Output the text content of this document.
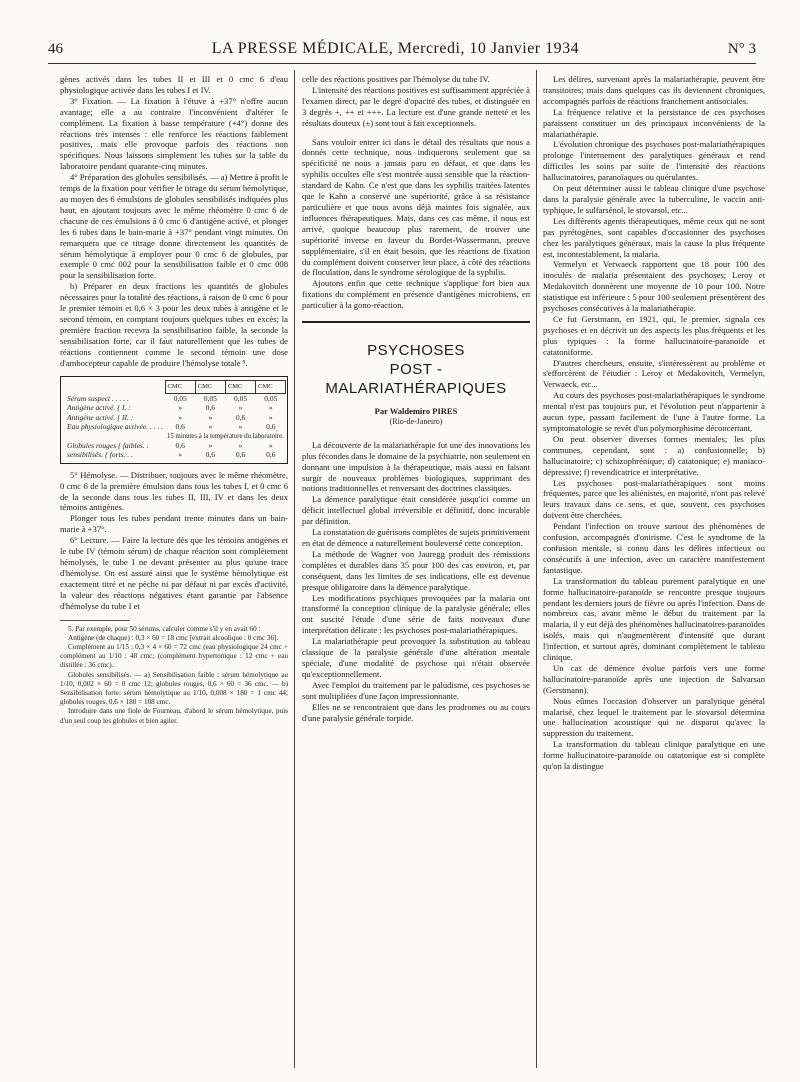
46	LA PRESSE MÉDICALE, Mercredi, 10 Janvier 1934	N° 3

gènes activés dans les tubes II et III et 0 cmc 6 d'eau physiologique activée dans les tubes I et IV.

3° Fixation. — La fixation à l'étuve à +37° n'offre aucun avantage; elle a au contraire l'inconvénient d'altérer le complément. La fixation à basse température (+4°) donne des réactions très intenses : elle renforce les réactions faiblement positives, mais elle provoque parfois des réactions non spécifiques. Nous laissons simplement les tubes sur la table du laboratoire pendant quarante-cinq minutes.

4° Préparation des globules sensibilisés. — a) Mettre à profit le temps de la fixation pour vérifier le titrage du sérum hémolytique, au moyen des 6 émulsions de globules sensibilisés indiquées plus haut, en ajoutant toujours avec le même rhéomètre 0 cmc 6 de chacune de ces émulsions à 0 cmc 6 d'antigène activé, et plonger les 6 tubes dans le bain-marie à +37° pendant vingt minutes. On remarquera que ce titrage donne directement les quantités de sérum hémolytique à employer pour 0 cmc 6 de globules, par exemple 0 cmc 002 pour la sensibilisation faible et 0 cmc 008 pour la sensibilisation forte.

b) Préparer en deux fractions les quantités de globules nécessaires pour la totalité des réactions, à raison de 0 cmc 6 pour le premier témoin et 0,6 × 3 pour les deux tubes à antigène et le second témoin, en comptant toujours quelques tubes en excès; la première fraction recevra la sensibilisation faible, la seconde la sensibilisation forte, car il faut naturellement que les tubes de réactions contiennent comme le second témoin une dose d'ambocepteur capable de produire l'hémolyse totale ⁵.

	CMC	CMC	CMC	CMC
Sérum suspect . . . . .	0,05	0,05	0,05	0,05
Antigène activé. { I. :	»	0,6	»	»
Antigène activé. { II. :	»	»	0,6	»
Eau physiologique activée. . . . .	0,6	»	»	0,6
	15 minutes à la température du laboratoire.			
Globules rouges { faibles. .	0,6	»	»	»
sensibilisés. { forts. . .	»	0,6	0,6	0,6

5° Hémolyse. — Distribuer, toujours avec le même rhéomètre, 0 cmc 6 de la première émulsion dans tous les tubes I, et 0 cmc 6 de la seconde dans tous les tubes II, III, IV et dans les deux témoins antigènes.

Plonger tous les tubes pendant trente minutes dans un bain-marie à +37°.

6° Lecture. — Faire la lecture dès que les témoins antigènes et le tube IV (témoin sérum) de chaque réaction sont complètement hémolysés, le tube I ne devant présenter au plus qu'une trace d'hémolyse. On est assuré ainsi que le système hémolytique est exactement titré et ne pèche ni par défaut ni par excès d'activité, la valeur des réactions négatives étant garantie par l'absence d'hémolyse du tube I et

5. Par exemple, pour 50 sérums, calculer comme s'il y en avait 60 :

Antigène (de chaque) : 0,3 × 60 = 18 cmc [extrait alcoolique : 0 cmc 36].

Complément au 1/15 : 0,3 × 4 × 60 = 72 cmc (eau physiologique 24 cmc + complément au 1/10 : 48 cmc; (complément hypertonique : 12 cmc + eau distillée : 36 cmc).

Globules sensibilisés. — a) Sensibilisation faible : sérum hémolytique au 1/10, 0,002 × 60 = 0 cmc 12; globules rouges, 0,6 × 60 = 36 cmc. — b) Sensibilisation forte: sérum hémolytique au 1/10, 0,008 × 180 = 1 cmc 44; globules rouges, 0,6 × 180 = 108 cmc.

Introduire dans une fiole de Fourneau, d'abord le sérum hémolytique, puis d'un seul coup les globules et bien agiter.

celle des réactions positives par l'hémolyse du tube IV.

L'intensité des réactions positives est suffisamment appréciée à l'examen direct, par le degré d'opacité des tubes, et distinguée en 3 degrés +, ++ et +++. La lecture est d'une grande netteté et les résultats douteux (±) sont tout à fait exceptionnels.

Sans vouloir entrer ici dans le détail des résultats que nous a donnés cette technique, nous indiquerons seulement que sa spécificité ne nous a jamais paru en défaut, et que dans les syphilis occultes elle s'est montrée aussi sensible que la réaction-standard de Kahn. Ce n'est que dans les syphilis traitées latentes que le Kahn a conservé une supériorité, grâce à sa résistance particulière et que nous avons déjà maintes fois signalée, aux influences thérapeutiques. Mais, dans ces cas même, il nous est arrivé, quoique beaucoup plus rarement, de trouver une supériorité inverse en faveur du Bordet-Wassermann, preuve supplémentaire, s'il en était besoin, que les réactions de fixation du complément doivent conserver leur place, à côté des réactions de floculation, dans le syndrome sérologique de la syphilis.

Ajoutons enfin que cette technique s'applique fort bien aux fixations du complément en présence d'antigènes microbiens, en particulier à la gono-réaction.

PSYCHOSES
POST - MALARIATHÉRAPIQUES
Par Waldemiro PIRES
(Rio-de-Janeiro)

La découverte de la malariathérapie fut une des innovations les plus fécondes dans le domaine de la psychiatrie, non seulement en donnant une impulsion à la thérapeutique, mais aussi en faisant surgir de nouveaux problèmes biologiques, supprimant des notions traditionnelles et renversant des doctrines classiques.

La démence paralytique était considérée jusqu'ici comme un déficit intellectuel global irréversible et définitif, donc incurable par définition.

La constatation de guérisons complètes de sujets primitivement en état de démence a naturellement bouleversé cette conception.

La méthode de Wagner von Jauregg produit des rémissions complètes et durables dans 35 pour 100 des cas environ, et, par conséquent, dans les limites de ses indications, elle est devenue presque obligatoire dans la démence paralytique.

Les modifications psychiques provoquées par la malaria ont transformé la conception clinique de la paralysie générale; elles ont suscité l'étude d'une série de faits nouveaux d'une interprétation délicate : les psychoses post-malariathérapiques.

La malariathérapie peut provoquer la substitution au tableau classique de la paralysie générale d'une altération mentale spéciale, d'une modalité de psychose qui n'était observée qu'exceptionnellement.

Avec l'emploi du traitement par le paludisme, ces psychoses se sont multipliées d'une façon impressionnante.

Elles ne se rencontraient que dans les prodromes ou au cours d'une paralysie générale torpide.

Les délires, survenant après la malariathérapie, peuvent être transitoires; mais dans quelques cas ils deviennent chroniques, accompagnés parfois de réactions franchement antisociales.

La fréquence relative et la persistance de ces psychoses paraissent constituer un des principaux inconvénients de la malariathérapie.

L'évolution chronique des psychoses post-malariathérapiques prolonge l'internement des paralytiques généraux et rend difficiles les soins par suite de l'intensité des réactions hallucinatoires, paranoïaques ou quérulantes.

On peut déterminer aussi le tableau clinique d'une psychose dans la paralysie générale avec la tuberculine, le vaccin anti-typhique, le sulfarsénol, le stovarsol, etc...

Les différents agents thérapeutiques, même ceux qui ne sont pas pyrétogènes, sont capables d'occasionner des psychoses chez les paralytiques généraux, mais la cause la plus fréquente est, incontestablement, la malaria.

Vermelyn et Verwaeck rapportent que 18 pour 100 des inoculés de malaria présentaient des psychoses; Leroy et Medakovitch donnèrent une moyenne de 10 pour 100. Notre statistique est inférieure : 5 pour 100 seulement présentèrent des psychoses consécutives à la malariathérapie.

Ce fut Gerstmann, en 1921, qui, le premier, signala ces psychoses et en décrivit un des aspects les plus fréquents et les plus typiques : la forme hallucinatoire-paranoïde et catatoniforme.

D'autres chercheurs, ensuite, s'intéressèrent au problème et s'efforcèrent de l'étudier : Leroy et Medakovitch, Vermelyn, Verwaeck, etc...

Au cours des psychoses post-malariathérapiques le syndrome mental n'est pas toujours pur, et l'évolution peut n'appartenir à aucun type, passant facilement de l'une à l'autre forme. La symptomatologie se revêt d'un polymorphisme déconcertant.

On peut observer diverses formes mentales; les plus communes, cependant, sont : a) confusionnelle; b) hallucinatoire; c) schizophrénique; d) catatonique; e) maniaco-dépressive; f) revendicatrice et interprétative.

Les psychoses post-malariathérapiques sont moins fréquentes, parce que les aliénistes, en majorité, n'ont pas relevé leurs travaux dans ce sens, et que, souvent, ces psychoses doivent être cherchées.

Pendant l'infection on trouve surtout des phénomènes de confusion, accompagnés d'onirisme. C'est le syndrome de la confusion mentale, si connu dans les délires infectieux ou consécutifs à une infection, avec un caractère manifestement fantastique.

La transformation du tableau purement paralytique en une forme hallucinatoire-paranoïde se rencontre presque toujours pendant les derniers jours de fièvre ou après l'infection. Dans de nombreux cas, avant même le début du traitement par la malaria, il y eut déjà des phénomènes hallucinatoires-paranoïdes isolés, mais qui n'augmentèrent d'intensité que durant l'infection, et surtout après, dominant complètement le tableau clinique.

Un cas de démence évolue parfois vers une forme hallucinatoire-paranoïde après une injection de Salvarsan (Gerstmann).

Nous eûmes l'occasion d'observer un paralytique général malarisé, chez lequel le traitement par le stovarsol détermina une hallucination acoustique qui ne disparut qu'avec la suppression du traitement.

La transformation du tableau clinique paralytique en une forme hallucinatoire-paranoïde ou catatonique est si complète qu'on la distingue
